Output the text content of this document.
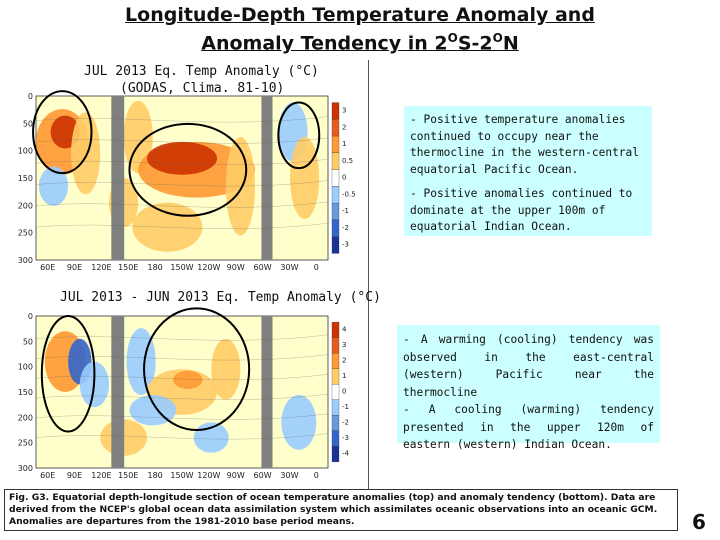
Longitude-Depth Temperature Anomaly and
Anomaly Tendency in $2^OS-2^ON$
JUL 2013 Eq. Temp Anomaly (°C)
(GODAS, Clima. 81-10)
60E 90E 120E 150E 180 150W 120W 90W 60W 30W 0
0
50
100
150
200
250
300
3
2
1
0.5
0
-0.5
-1
-2
-3
JUL 2013 - JUN 2013 Eq. Temp Anomaly (°C)
60E 90E 120E 150E 180 150W 120W 90W 60W 30W 0
0
50
100
150
200
250
300
4
3
2
1
0
-1
-2
-3
-4

- Positive temperature anomalies continued to occupy near the thermocline in the western-central equatorial Pacific Ocean.

- Positive anomalies continued to dominate at the upper 100m of equatorial Indian Ocean.

- A warming (cooling) tendency was observed in the east-central (western) Pacific near the thermocline

- A cooling (warming) tendency presented in the upper 120m of eastern (western) Indian Ocean.

Fig. G3. Equatorial depth-longitude section of ocean temperature anomalies (top) and anomaly tendency (bottom). Data are derived from the NCEP's global ocean data assimilation system which assimilates oceanic observations into an oceanic GCM. Anomalies are departures from the 1981-2010 base period means.	6
